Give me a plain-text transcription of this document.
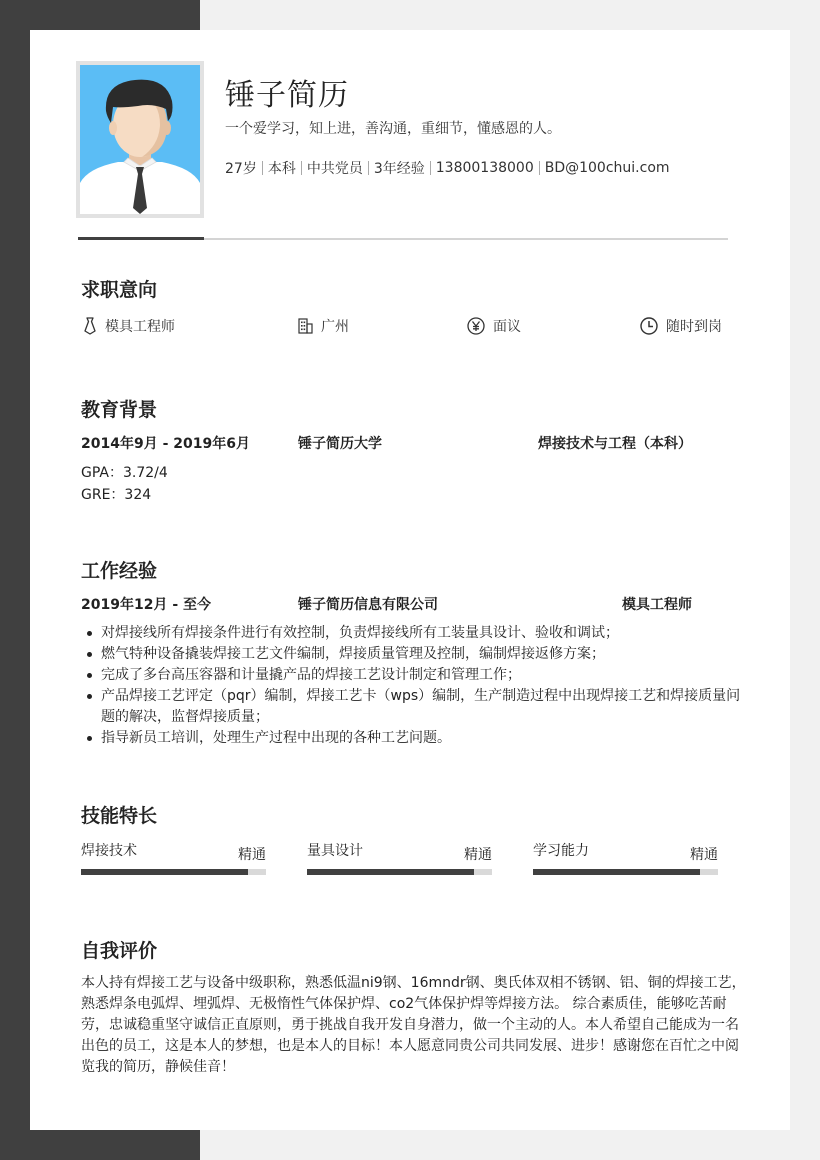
锤子简历
一个爱学习，知上进，善沟通，重细节，懂感恩的人。
27岁 本科 中共党员 3年经验 13800138000 BD@100chui.com
求职意向
模具工程师	广州	面议	随时到岗
教育背景
2014年9月 - 2019年6月	锤子简历大学	焊接技术与工程（本科）
GPA：3.72/4
GRE：324
工作经验
2019年12月 - 至今	锤子简历信息有限公司	模具工程师
对焊接线所有焊接条件进行有效控制，负责焊接线所有工装量具设计、验收和调试；
燃气特种设备撬装焊接工艺文件编制，焊接质量管理及控制，编制焊接返修方案；
完成了多台高压容器和计量撬产品的焊接工艺设计制定和管理工作；
产品焊接工艺评定（pqr）编制，焊接工艺卡（wps）编制，生产制造过程中出现焊接工艺和焊接质量问题的解决，监督焊接质量；
指导新员工培训，处理生产过程中出现的各种工艺问题。
技能特长
焊接技术	精通	量具设计	精通	学习能力	精通
自我评价
本人持有焊接工艺与设备中级职称，熟悉低温ni9钢、16mndr钢、奥氏体双相不锈钢、铝、铜的焊接工艺，熟悉焊条电弧焊、埋弧焊、无极惰性气体保护焊、co2气体保护焊等焊接方法。 综合素质佳，能够吃苦耐劳，忠诚稳重坚守诚信正直原则，勇于挑战自我开发自身潜力，做一个主动的人。本人希望自己能成为一名出色的员工，这是本人的梦想，也是本人的目标！本人愿意同贵公司共同发展、进步！感谢您在百忙之中阅览我的简历，静候佳音！
